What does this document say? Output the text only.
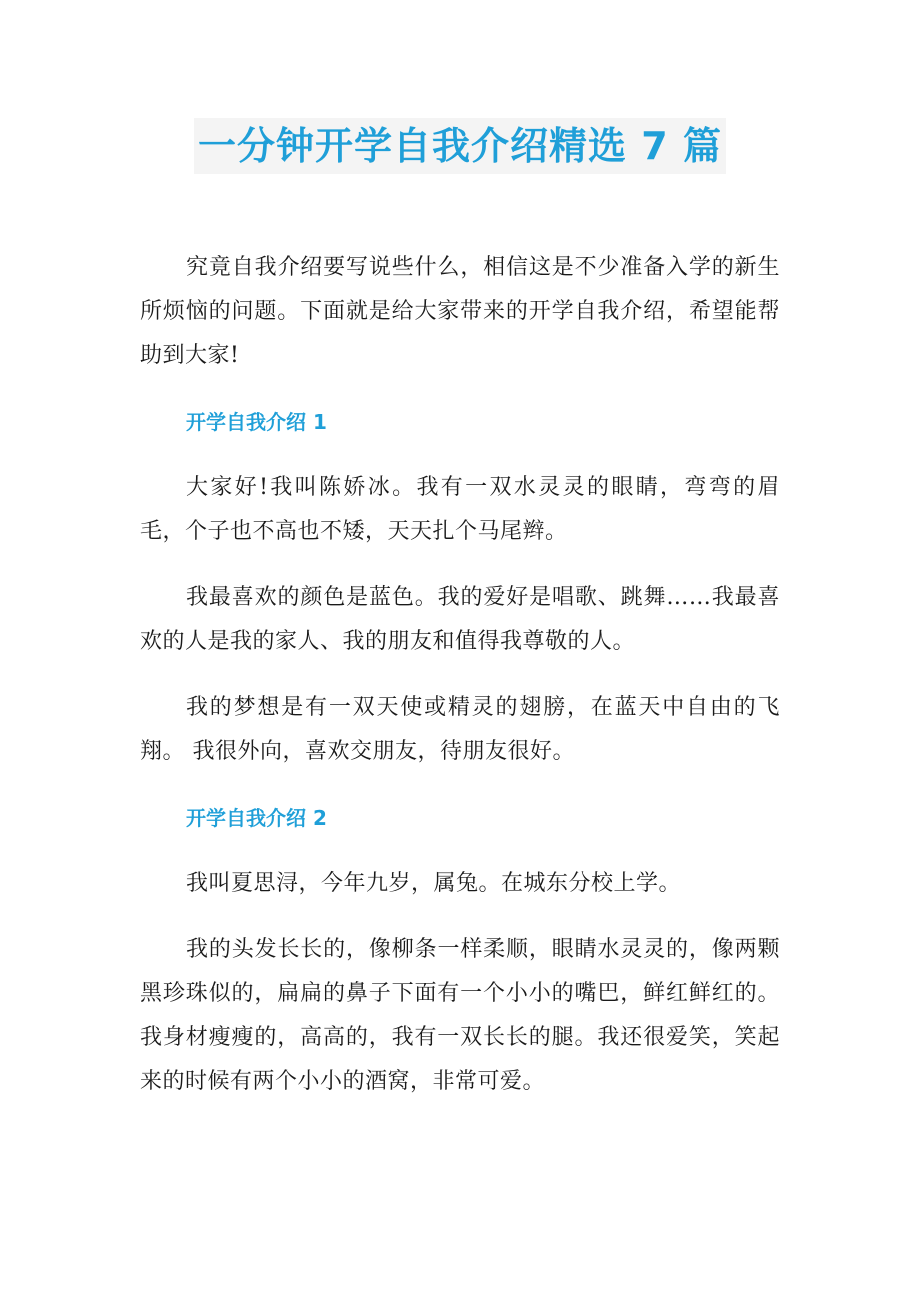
一分钟开学自我介绍精选 7 篇

究竟自我介绍要写说些什么，相信这是不少准备入学的新生所烦恼的问题。下面就是给大家带来的开学自我介绍，希望能帮助到大家!

开学自我介绍 1

大家好!我叫陈娇冰。我有一双水灵灵的眼睛，弯弯的眉毛，个子也不高也不矮，天天扎个马尾辫。

我最喜欢的颜色是蓝色。我的爱好是唱歌、跳舞……我最喜欢的人是我的家人、我的朋友和值得我尊敬的人。

我的梦想是有一双天使或精灵的翅膀，在蓝天中自由的飞翔。 我很外向，喜欢交朋友，待朋友很好。

开学自我介绍 2

我叫夏思浔，今年九岁，属兔。在城东分校上学。

我的头发长长的，像柳条一样柔顺，眼睛水灵灵的，像两颗黑珍珠似的，扁扁的鼻子下面有一个小小的嘴巴，鲜红鲜红的。我身材瘦瘦的，高高的，我有一双长长的腿。我还很爱笑，笑起来的时候有两个小小的酒窝，非常可爱。
